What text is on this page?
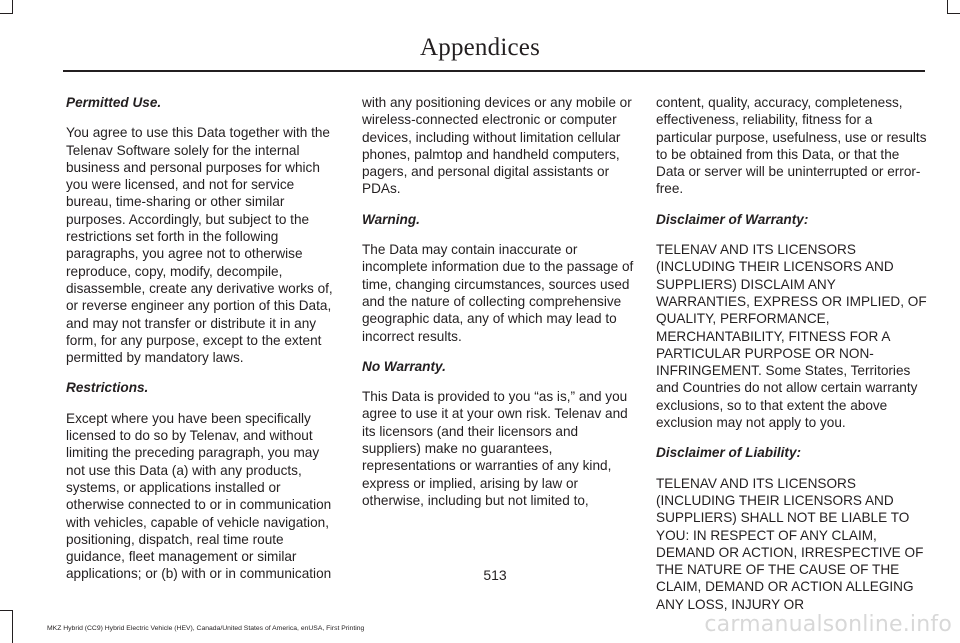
Appendices

Permitted Use.

You agree to use this Data together with the Telenav Software solely for the internal business and personal purposes for which you were licensed, and not for service bureau, time-sharing or other similar purposes. Accordingly, but subject to the restrictions set forth in the following paragraphs, you agree not to otherwise reproduce, copy, modify, decompile, disassemble, create any derivative works of, or reverse engineer any portion of this Data, and may not transfer or distribute it in any form, for any purpose, except to the extent permitted by mandatory laws.

Restrictions.

Except where you have been specifically licensed to do so by Telenav, and without limiting the preceding paragraph, you may not use this Data (a) with any products, systems, or applications installed or otherwise connected to or in communication with vehicles, capable of vehicle navigation, positioning, dispatch, real time route guidance, fleet management or similar applications; or (b) with or in communication

with any positioning devices or any mobile or wireless-connected electronic or computer devices, including without limitation cellular phones, palmtop and handheld computers, pagers, and personal digital assistants or PDAs.

Warning.

The Data may contain inaccurate or incomplete information due to the passage of time, changing circumstances, sources used and the nature of collecting comprehensive geographic data, any of which may lead to incorrect results.

No Warranty.

This Data is provided to you “as is,” and you agree to use it at your own risk. Telenav and its licensors (and their licensors and suppliers) make no guarantees, representations or warranties of any kind, express or implied, arising by law or otherwise, including but not limited to,

content, quality, accuracy, completeness, effectiveness, reliability, fitness for a particular purpose, usefulness, use or results to be obtained from this Data, or that the Data or server will be uninterrupted or error-free.

Disclaimer of Warranty:

TELENAV AND ITS LICENSORS (INCLUDING THEIR LICENSORS AND SUPPLIERS) DISCLAIM ANY WARRANTIES, EXPRESS OR IMPLIED, OF QUALITY, PERFORMANCE, MERCHANTABILITY, FITNESS FOR A PARTICULAR PURPOSE OR NON-INFRINGEMENT. Some States, Territories and Countries do not allow certain warranty exclusions, so to that extent the above exclusion may not apply to you.

Disclaimer of Liability:

TELENAV AND ITS LICENSORS (INCLUDING THEIR LICENSORS AND SUPPLIERS) SHALL NOT BE LIABLE TO YOU: IN RESPECT OF ANY CLAIM, DEMAND OR ACTION, IRRESPECTIVE OF THE NATURE OF THE CAUSE OF THE CLAIM, DEMAND OR ACTION ALLEGING ANY LOSS, INJURY OR

513
MKZ Hybrid (CC9) Hybrid Electric Vehicle (HEV), Canada/United States of America, enUSA, First Printing	carmanualsonline.info
